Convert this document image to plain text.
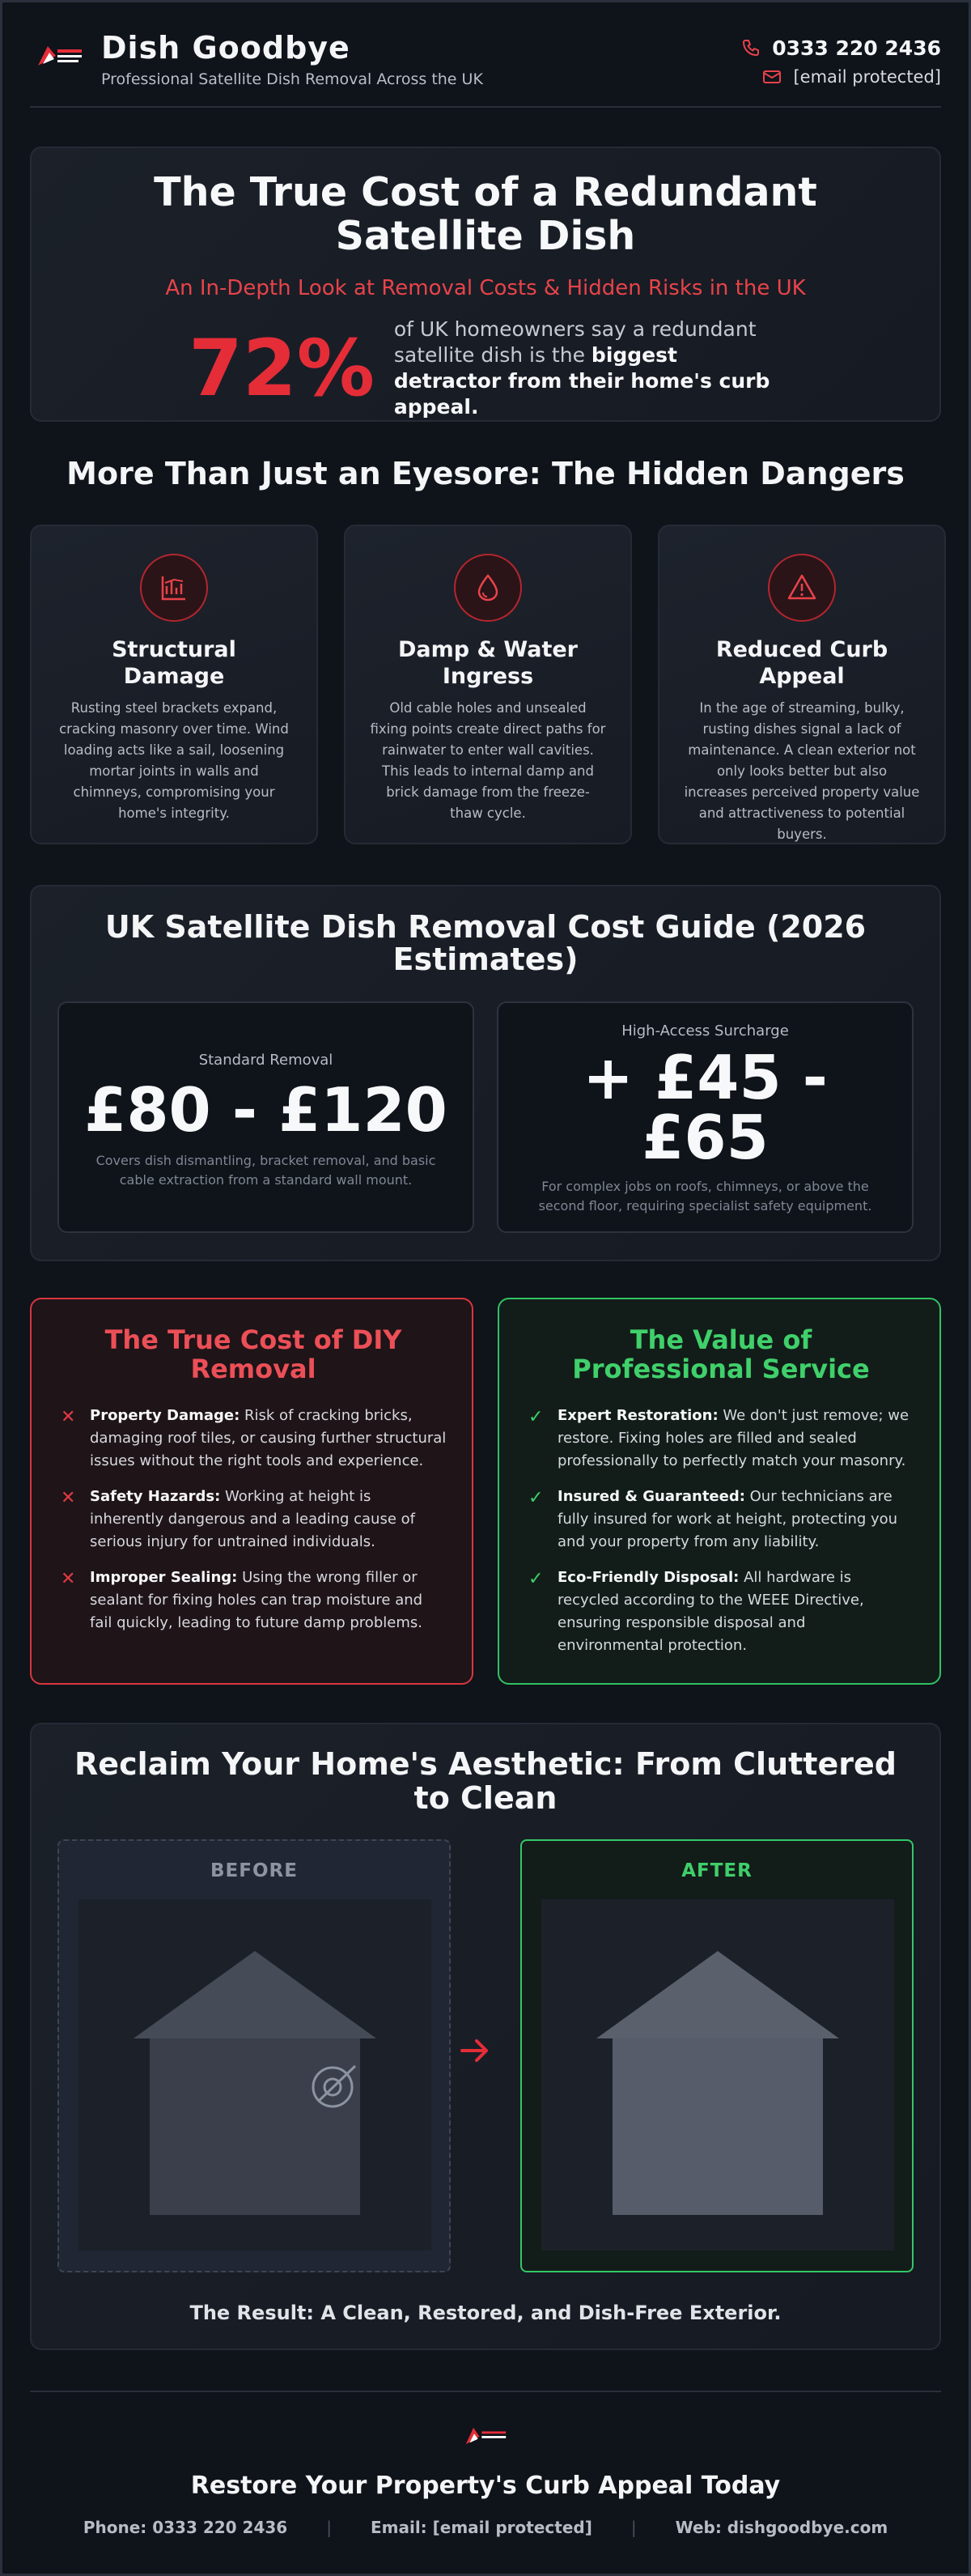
Dish Goodbye
Professional Satellite Dish Removal Across the UK
0333 220 2436
[email protected]
The True Cost of a Redundant Satellite Dish
An In-Depth Look at Removal Costs & Hidden Risks in the UK
72% of UK homeowners say a redundant satellite dish is the biggest detractor from their home's curb appeal.
More Than Just an Eyesore: The Hidden Dangers
Structural Damage

Rusting steel brackets expand, cracking masonry over time. Wind loading acts like a sail, loosening mortar joints in walls and chimneys, compromising your home's integrity.

Damp & Water Ingress

Old cable holes and unsealed fixing points create direct paths for rainwater to enter wall cavities. This leads to internal damp and brick damage from the freeze-thaw cycle.

Reduced Curb Appeal

In the age of streaming, bulky, rusting dishes signal a lack of maintenance. A clean exterior not only looks better but also increases perceived property value and attractiveness to potential buyers.

UK Satellite Dish Removal Cost Guide (2026 Estimates)
Standard Removal
£80 - £120
Covers dish dismantling, bracket removal, and basic cable extraction from a standard wall mount.
High-Access Surcharge
+ £45 - £65
For complex jobs on roofs, chimneys, or above the second floor, requiring specialist safety equipment.
The True Cost of DIY Removal
✕ Property Damage: Risk of cracking bricks, damaging roof tiles, or causing further structural issues without the right tools and experience.
✕ Safety Hazards: Working at height is inherently dangerous and a leading cause of serious injury for untrained individuals.
✕ Improper Sealing: Using the wrong filler or sealant for fixing holes can trap moisture and fail quickly, leading to future damp problems.
The Value of Professional Service
✓ Expert Restoration: We don't just remove; we restore. Fixing holes are filled and sealed professionally to perfectly match your masonry.
✓ Insured & Guaranteed: Our technicians are fully insured for work at height, protecting you and your property from any liability.
✓ Eco-Friendly Disposal: All hardware is recycled according to the WEEE Directive, ensuring responsible disposal and environmental protection.
Reclaim Your Home's Aesthetic: From Cluttered to Clean
BEFORE	AFTER
The Result: A Clean, Restored, and Dish-Free Exterior.
Restore Your Property's Curb Appeal Today
Phone: 0333 220 2436 | Email: [email protected] | Web: dishgoodbye.com
